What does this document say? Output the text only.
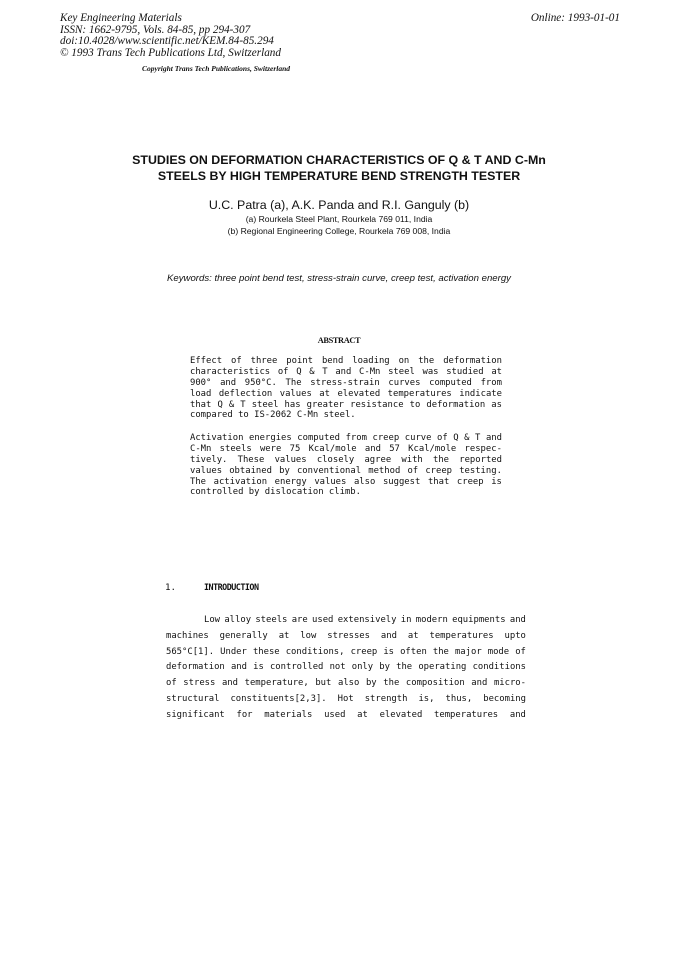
Key Engineering Materials
ISSN: 1662-9795, Vols. 84-85, pp 294-307
doi:10.4028/www.scientific.net/KEM.84-85.294
© 1993 Trans Tech Publications Ltd, Switzerland
Online: 1993-01-01
Copyright Trans Tech Publications, Switzerland
STUDIES ON DEFORMATION CHARACTERISTICS OF Q & T AND C-Mn
STEELS BY HIGH TEMPERATURE BEND STRENGTH TESTER
U.C. Patra (a), A.K. Panda and R.I. Ganguly (b)
(a) Rourkela Steel Plant, Rourkela 769 011, India
(b) Regional Engineering College, Rourkela 769 008, India
Keywords: three point bend test, stress-strain curve, creep test, activation energy
ABSTRACT
Effect of three point bend loading on the deformation
characteristics of Q & T and C-Mn steel was studied at
900° and 950°C. The stress-strain curves computed from
load deflection values at elevated temperatures indicate
that Q & T steel has greater resistance to deformation as
compared to IS-2062 C-Mn steel.
Activation energies computed from creep curve of Q & T and
C-Mn steels were 75 Kcal/mole and 57 Kcal/mole respec-
tively. These values closely agree with the reported
values obtained by conventional method of creep testing.
The activation energy values also suggest that creep is
controlled by dislocation climb.
1.	INTRODUCTION
Low alloy steels are used extensively in modern equipments and
machines generally at low stresses and at temperatures upto
565°C[1]. Under these conditions, creep is often the major mode of
deformation and is controlled not only by the operating conditions
of stress and temperature, but also by the composition and micro-
structural constituents[2,3]. Hot strength is, thus, becoming
significant for materials used at elevated temperatures and
